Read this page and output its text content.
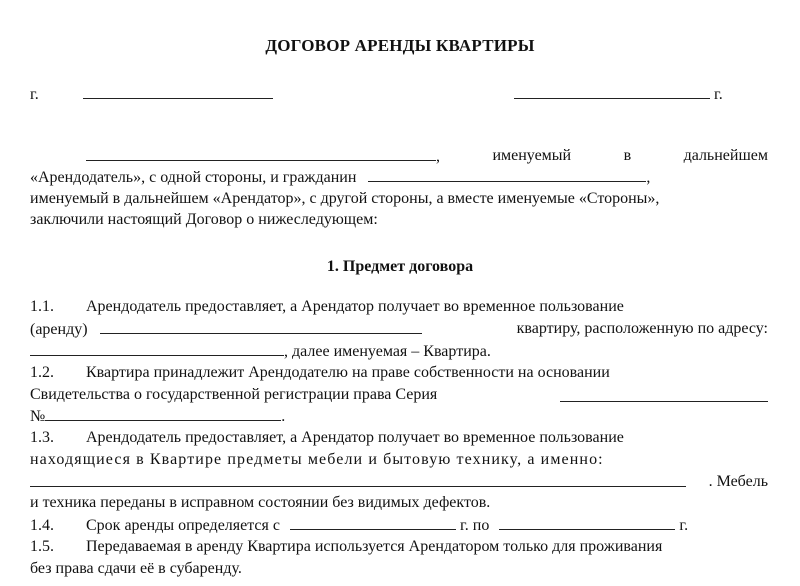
ДОГОВОР АРЕНДЫ КВАРТИРЫ
г.	г.
,	именуемый	в	дальнейшем
«Арендодатель», с одной стороны, и гражданин	,
именуемый в дальнейшем «Арендатор», с другой стороны, а вместе именуемые «Стороны»,
заключили настоящий Договор о нижеследующем:
1. Предмет договора
1.1. Арендодатель предоставляет, а Арендатор получает во временное пользование
(аренду)	квартиру, расположенную по адресу:
, далее именуемая – Квартира.
1.2. Квартира принадлежит Арендодателю на праве собственности на основании
Свидетельства о государственной регистрации права Серия
№	.
1.3. Арендодатель предоставляет, а Арендатор получает во временное пользование
находящиеся в Квартире предметы мебели и бытовую технику, а именно:
. Мебель
и техника переданы в исправном состоянии без видимых дефектов.
1.4. Срок аренды определяется с	г. по	г.
1.5. Передаваемая в аренду Квартира используется Арендатором только для проживания
без права сдачи её в субаренду.
